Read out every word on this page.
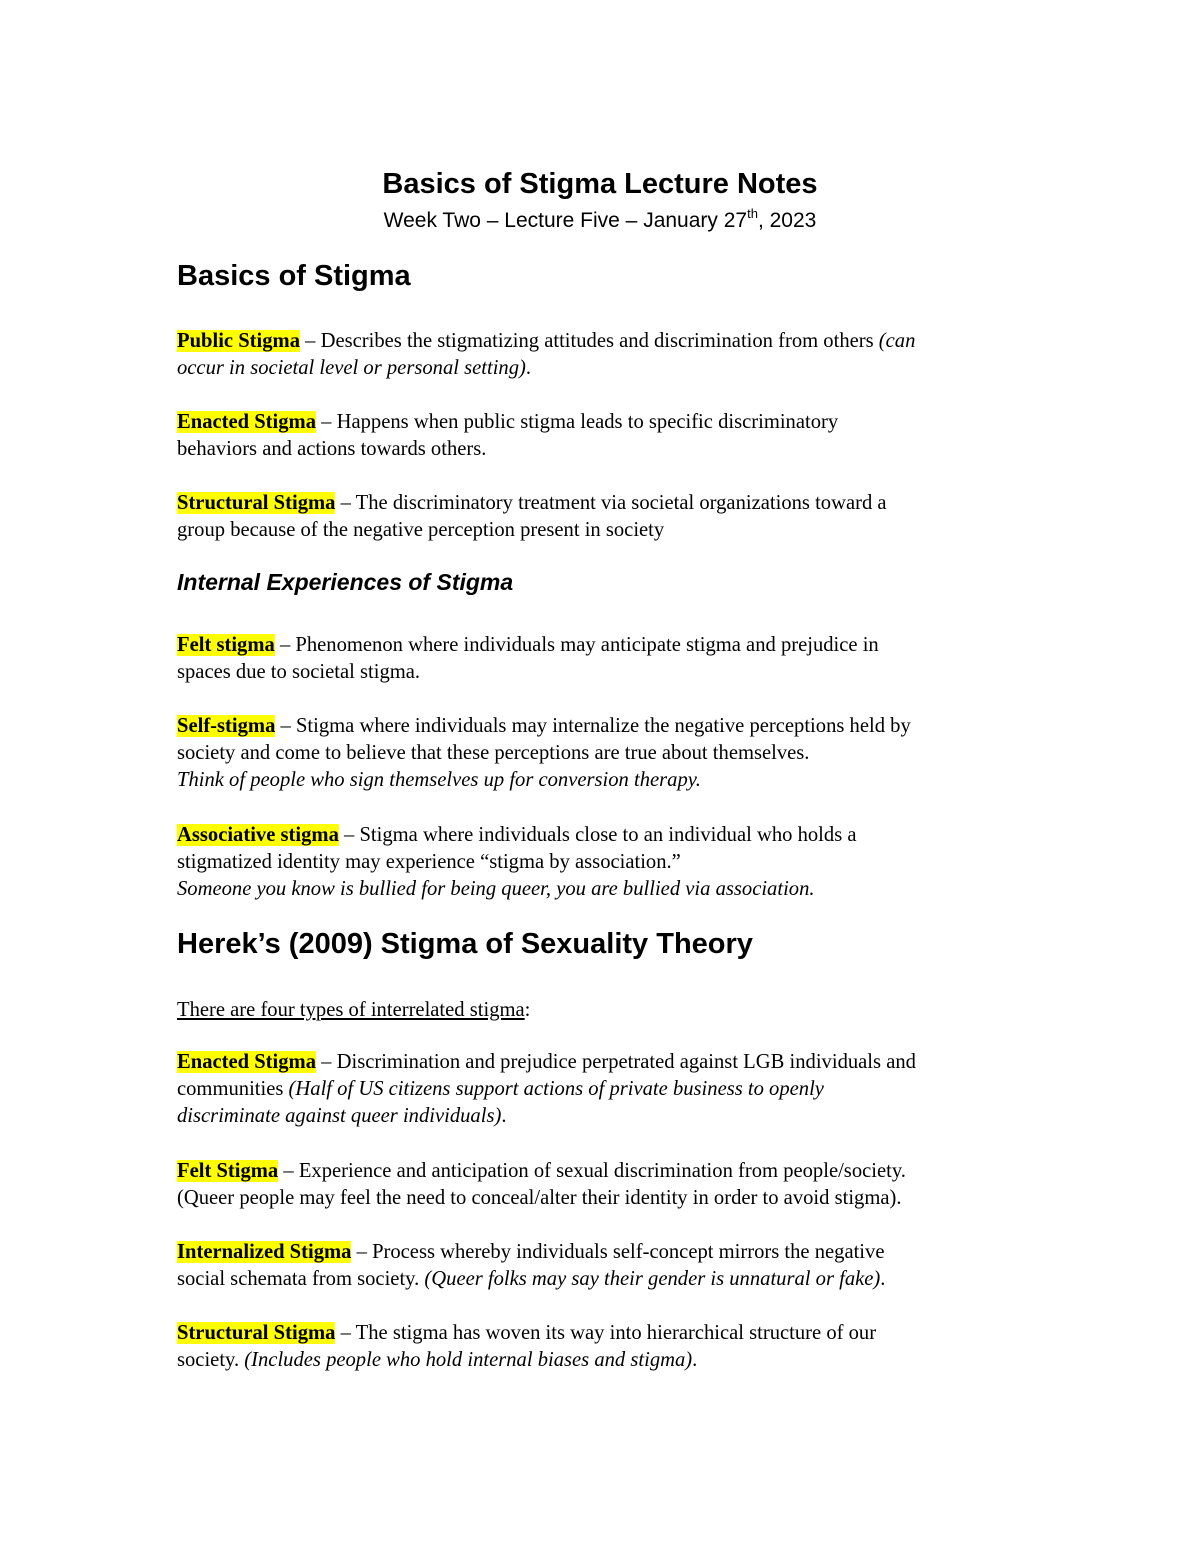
Basics of Stigma Lecture Notes
Week Two – Lecture Five – January 27th, 2023
Basics of Stigma

Public Stigma – Describes the stigmatizing attitudes and discrimination from others (can
occur in societal level or personal setting).

Enacted Stigma – Happens when public stigma leads to specific discriminatory
behaviors and actions towards others.

Structural Stigma – The discriminatory treatment via societal organizations toward a
group because of the negative perception present in society

Internal Experiences of Stigma

Felt stigma – Phenomenon where individuals may anticipate stigma and prejudice in
spaces due to societal stigma.

Self-stigma – Stigma where individuals may internalize the negative perceptions held by
society and come to believe that these perceptions are true about themselves.
Think of people who sign themselves up for conversion therapy.

Associative stigma – Stigma where individuals close to an individual who holds a
stigmatized identity may experience “stigma by association.”
Someone you know is bullied for being queer, you are bullied via association.

Herek’s (2009) Stigma of Sexuality Theory

There are four types of interrelated stigma:

Enacted Stigma – Discrimination and prejudice perpetrated against LGB individuals and
communities (Half of US citizens support actions of private business to openly
discriminate against queer individuals).

Felt Stigma – Experience and anticipation of sexual discrimination from people/society.
(Queer people may feel the need to conceal/alter their identity in order to avoid stigma).

Internalized Stigma – Process whereby individuals self-concept mirrors the negative
social schemata from society. (Queer folks may say their gender is unnatural or fake).

Structural Stigma – The stigma has woven its way into hierarchical structure of our
society. (Includes people who hold internal biases and stigma).
